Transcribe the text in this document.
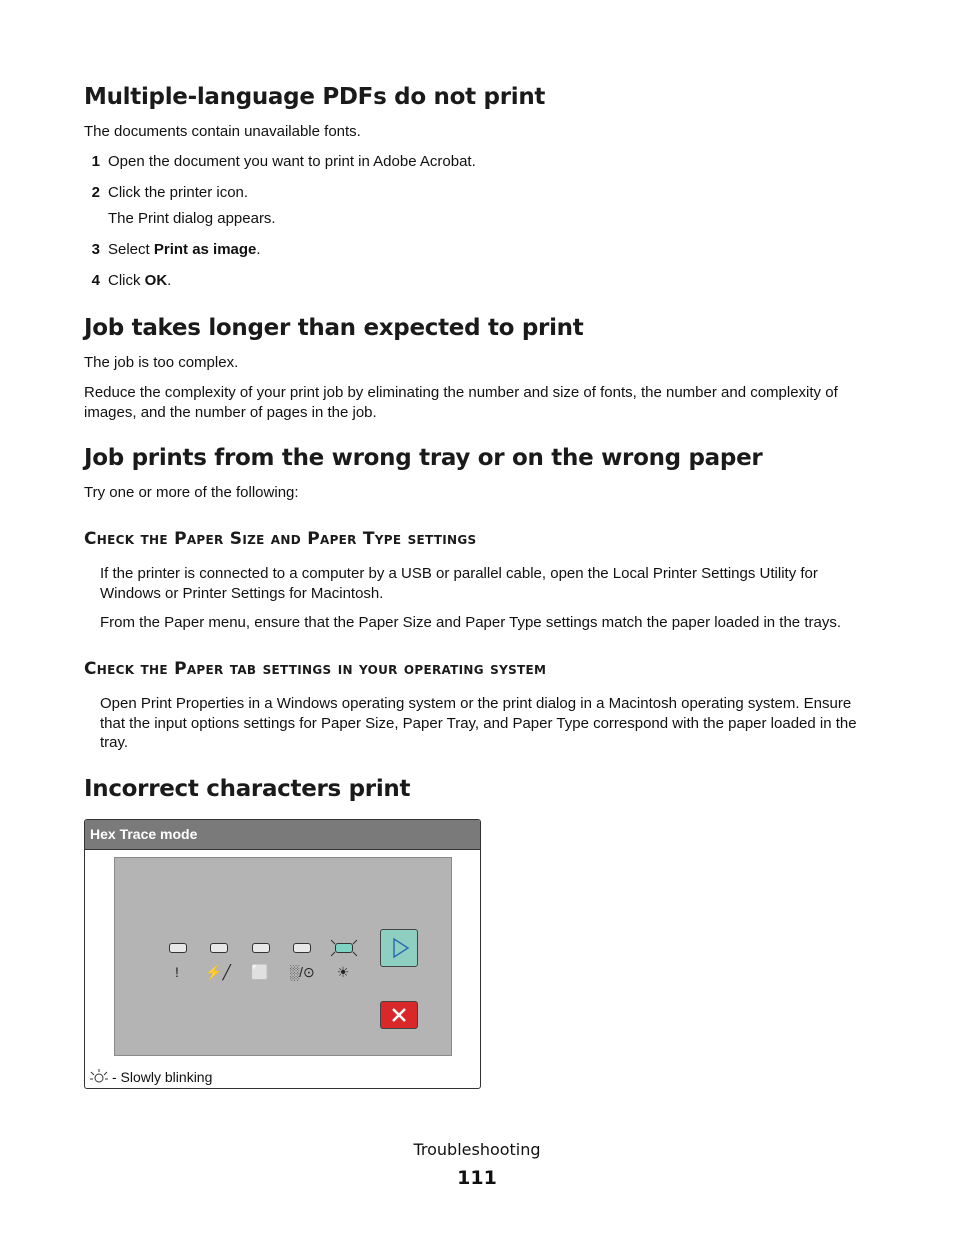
Multiple-language PDFs do not print

The documents contain unavailable fonts.

1 Open the document you want to print in Adobe Acrobat.
2 Click the printer icon.
The Print dialog appears.
3 Select Print as image.
4 Click OK.
Job takes longer than expected to print

The job is too complex.

Reduce the complexity of your print job by eliminating the number and size of fonts, the number and complexity of images, and the number of pages in the job.

Job prints from the wrong tray or on the wrong paper

Try one or more of the following:

Check the Paper Size and Paper Type settings

If the printer is connected to a computer by a USB or parallel cable, open the Local Printer Settings Utility for Windows or Printer Settings for Macintosh.

From the Paper menu, ensure that the Paper Size and Paper Type settings match the paper loaded in the trays.

Check the Paper tab settings in your operating system

Open Print Properties in a Windows operating system or the print dialog in a Macintosh operating system. Ensure that the input options settings for Paper Size, Paper Tray, and Paper Type correspond with the paper loaded in the tray.

Incorrect characters print
Hex Trace mode
!	⚡╱	⬜	░/⊙	☀
- Slowly blinking
Troubleshooting
111
